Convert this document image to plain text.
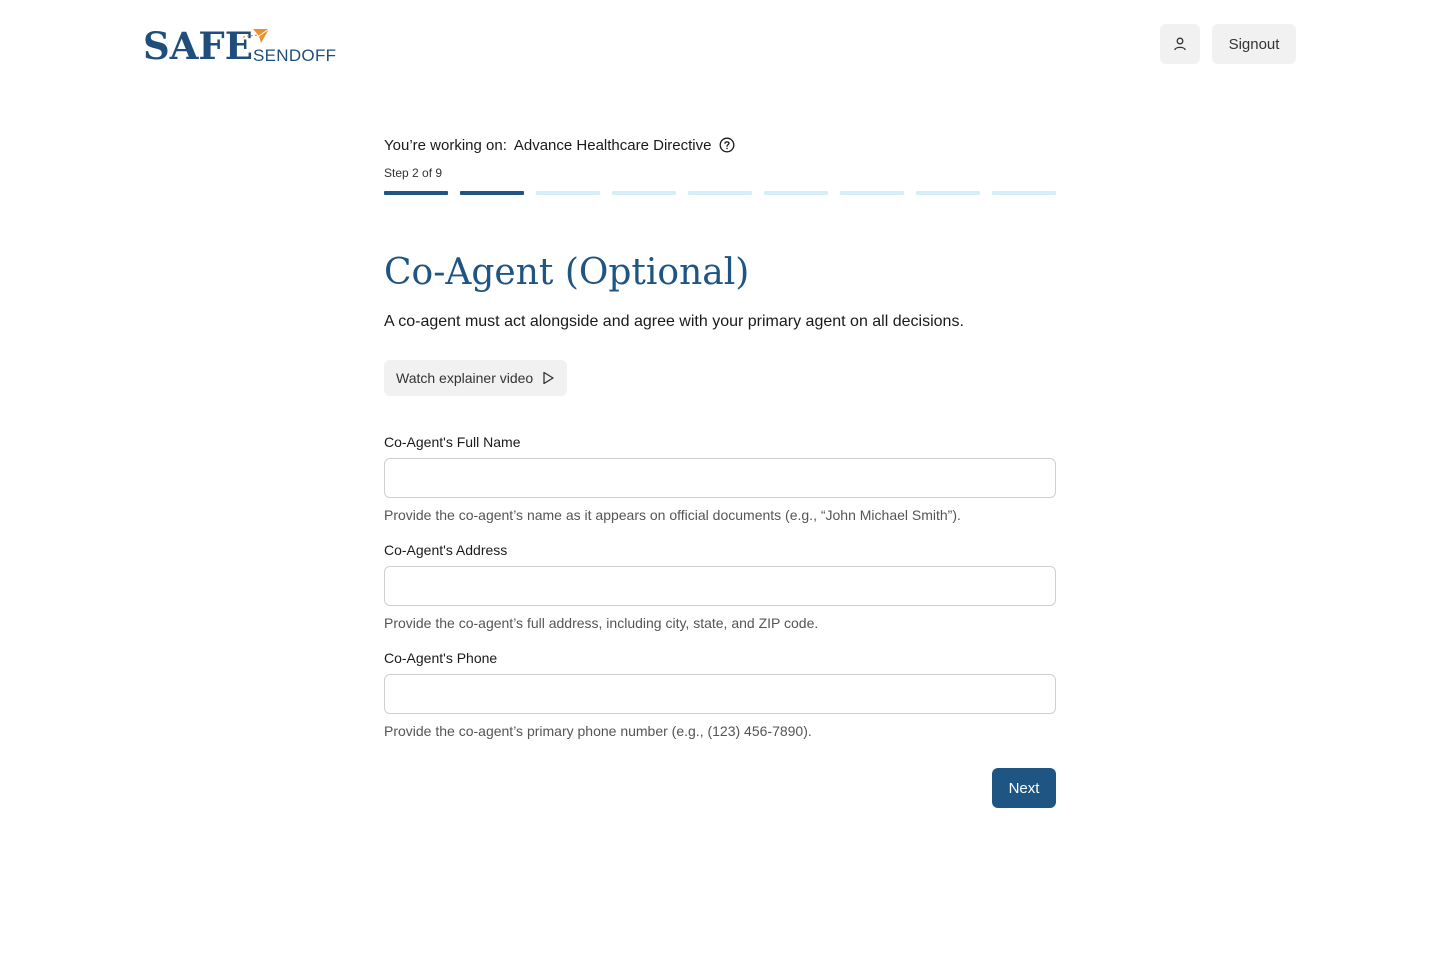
SAFE SENDOFF
Signout
You’re working on: Advance Healthcare Directive
Step 2 of 9
Co-Agent (Optional)

A co-agent must act alongside and agree with your primary agent on all decisions.

Watch explainer video
Co-Agent's Full Name
Provide the co-agent’s name as it appears on official documents (e.g., “John Michael Smith”).
Co-Agent's Address
Provide the co-agent’s full address, including city, state, and ZIP code.
Co-Agent's Phone
Provide the co-agent’s primary phone number (e.g., (123) 456-7890).
Next
